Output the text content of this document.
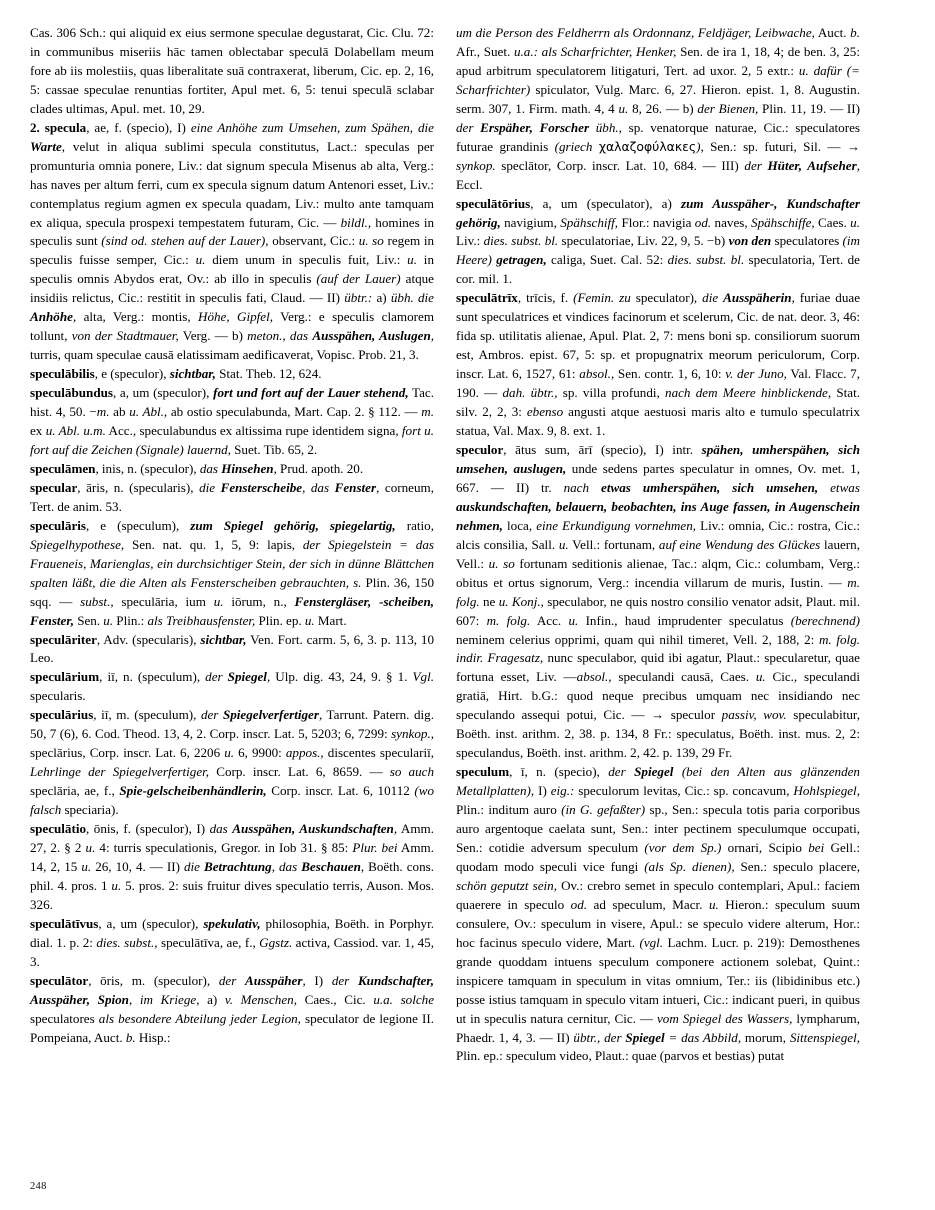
Cas. 306 Sch.: qui aliquid ex eius sermone speculae degustarat, Cic. Clu. 72: in communibus miseriis hāc tamen oblectabar speculā Dolabellam meum fore ab iis molestiis, quas liberalitate suā contraxerat, liberum, Cic. ep. 2, 16, 5: cassae speculae renuntias fortiter, Apul met. 6, 5: tenui speculā sclabar clades ultimas, Apul. met. 10, 29.

2. specula, ae, f. (specio), I) eine Anhöhe zum Umsehen, zum Spähen, die Warte, velut in aliqua sublimi specula constitutus, Lact.: speculas per promunturia omnia ponere, Liv.: dat signum specula Misenus ab alta, Verg.: has naves per altum ferri, cum ex specula signum datum Antenori esset, Liv.: contemplatus regium agmen ex specula quadam, Liv.: multo ante tamquam ex aliqua, specula prospexi tempestatem futuram, Cic. — bildl., homines in speculis sunt (sind od. stehen auf der Lauer), observant, Cic.: u. so regem in speculis fuisse semper, Cic.: u. diem unum in speculis fuit, Liv.: u. in speculis omnis Abydos erat, Ov.: ab illo in speculis (auf der Lauer) atque insidiis relictus, Cic.: restitit in speculis fati, Claud. — II) übtr.: a) übh. die Anhöhe, alta, Verg.: montis, Höhe, Gipfel, Verg.: e speculis clamorem tollunt, von der Stadtmauer, Verg. — b) meton., das Ausspähen, Auslugen, turris, quam speculae causā elatissimam aedificaverat, Vopisc. Prob. 21, 3.

speculābilis, e (speculor), sichtbar, Stat. Theb. 12, 624.

speculābundus, a, um (speculor), fort und fort auf der Lauer stehend, Tac. hist. 4, 50. −m. ab u. Abl., ab ostio speculabunda, Mart. Cap. 2. § 112. — m. ex u. Abl. u.m. Acc., speculabundus ex altissima rupe identidem signa, fort u. fort auf die Zeichen (Signale) lauernd, Suet. Tib. 65, 2.

speculāmen, inis, n. (speculor), das Hinsehen, Prud. apoth. 20.

specular, āris, n. (specularis), die Fensterscheibe, das Fenster, corneum, Tert. de anim. 53.

speculāris, e (speculum), zum Spiegel gehörig, spiegelartig, ratio, Spiegelhypothese, Sen. nat. qu. 1, 5, 9: lapis, der Spiegelstein = das Fraueneis, Marienglas, ein durchsichtiger Stein, der sich in dünne Blättchen spalten läßt, die die Alten als Fensterscheiben gebrauchten, s. Plin. 36, 150 sqq. — subst., speculāria, ium u. iōrum, n., Fenstergläser, -scheiben, Fenster, Sen. u. Plin.: als Treibhausfenster, Plin. ep. u. Mart.

speculāriter, Adv. (specularis), sichtbar, Ven. Fort. carm. 5, 6, 3. p. 113, 10 Leo.

speculārium, iī, n. (speculum), der Spiegel, Ulp. dig. 43, 24, 9. § 1. Vgl. specularis.

speculārius, iī, m. (speculum), der Spiegelverfertiger, Tarrunt. Patern. dig. 50, 7 (6), 6. Cod. Theod. 13, 4, 2. Corp. inscr. Lat. 5, 5203; 6, 7299: synkop., speclārius, Corp. inscr. Lat. 6, 2206 u. 6, 9900: appos., discentes speculariī, Lehrlinge der Spiegelverfertiger, Corp. inscr. Lat. 6, 8659. — so auch speclāria, ae, f., Spie-gelscheibenhändlerin, Corp. inscr. Lat. 6, 10112 (wo falsch speciaria).

speculātio, ōnis, f. (speculor), I) das Ausspähen, Auskundschaften, Amm. 27, 2. § 2 u. 4: turris speculationis, Gregor. in Iob 31. § 85: Plur. bei Amm. 14, 2, 15 u. 26, 10, 4. — II) die Betrachtung, das Beschauen, Boëth. cons. phil. 4. pros. 1 u. 5. pros. 2: suis fruitur dives speculatio terris, Auson. Mos. 326.

speculātīvus, a, um (speculor), spekulativ, philosophia, Boëth. in Porphyr. dial. 1. p. 2: dies. subst., speculātīva, ae, f., Ggstz. activa, Cassiod. var. 1, 45, 3.

speculātor, ōris, m. (speculor), der Ausspäher, I) der Kundschafter, Ausspäher, Spion, im Kriege, a) v. Menschen, Caes., Cic. u.a. solche speculatores als besondere Abteilung jeder Legion, speculator de legione II. Pompeiana, Auct. b. Hisp.:

um die Person des Feldherrn als Ordonnanz, Feldjäger, Leibwache, Auct. b. Afr., Suet. u.a.: als Scharfrichter, Henker, Sen. de ira 1, 18, 4; de ben. 3, 25: apud arbitrum speculatorem litigaturi, Tert. ad uxor. 2, 5 extr.: u. dafür (= Scharfrichter) spiculator, Vulg. Marc. 6, 27. Hieron. epist. 1, 8. Augustin. serm. 307, 1. Firm. math. 4, 4 u. 8, 26. — b) der Bienen, Plin. 11, 19. — II) der Erspäher, Forscher übh., sp. venatorque naturae, Cic.: speculatores futurae grandinis (griech χαλαζοφύλακες), Sen.: sp. futuri, Sil. — → synkop. speclātor, Corp. inscr. Lat. 10, 684. — III) der Hüter, Aufseher, Eccl.

speculātōrius, a, um (speculator), a) zum Ausspäher-, Kundschafter gehörig, navigium, Spähschiff, Flor.: navigia od. naves, Spähschiffe, Caes. u. Liv.: dies. subst. bl. speculatoriae, Liv. 22, 9, 5. −b) von den speculatores (im Heere) getragen, caliga, Suet. Cal. 52: dies. subst. bl. speculatoria, Tert. de cor. mil. 1.

speculātrīx, trīcis, f. (Femin. zu speculator), die Ausspäherin, furiae duae sunt speculatrices et vindices facinorum et scelerum, Cic. de nat. deor. 3, 46: fida sp. utilitatis alienae, Apul. Plat. 2, 7: mens boni sp. consiliorum suorum est, Ambros. epist. 67, 5: sp. et propugnatrix meorum periculorum, Corp. inscr. Lat. 6, 1527, 61: absol., Sen. contr. 1, 6, 10: v. der Juno, Val. Flacc. 7, 190. — dah. übtr., sp. villa profundi, nach dem Meere hinblickende, Stat. silv. 2, 2, 3: ebenso angusti atque aestuosi maris alto e tumulo speculatrix statua, Val. Max. 9, 8. ext. 1.

speculor, ātus sum, ārī (specio), I) intr. spähen, umherspähen, sich umsehen, auslugen, unde sedens partes speculatur in omnes, Ov. met. 1, 667. — II) tr. nach etwas umherspähen, sich umsehen, etwas auskundschaften, belauern, beobachten, ins Auge fassen, in Augenschein nehmen, loca, eine Erkundigung vornehmen, Liv.: omnia, Cic.: rostra, Cic.: alcis consilia, Sall. u. Vell.: fortunam, auf eine Wendung des Glückes lauern, Vell.: u. so fortunam seditionis alienae, Tac.: alqm, Cic.: columbam, Verg.: obitus et ortus signorum, Verg.: incendia villarum de muris, Iustin. — m. folg. ne u. Konj., speculabor, ne quis nostro consilio venator adsit, Plaut. mil. 607: m. folg. Acc. u. Infin., haud imprudenter speculatus (berechnend) neminem celerius opprimi, quam qui nihil timeret, Vell. 2, 188, 2: m. folg. indir. Fragesatz, nunc speculabor, quid ibi agatur, Plaut.: specularetur, quae fortuna esset, Liv. —absol., speculandi causā, Caes. u. Cic., speculandi gratiā, Hirt. b.G.: quod neque precibus umquam nec insidiando nec speculando assequi potui, Cic. — → speculor passiv, wov. speculabitur, Boëth. inst. arithm. 2, 38. p. 134, 8 Fr.: speculatus, Boëth. inst. mus. 2, 2: speculandus, Boëth. inst. arithm. 2, 42. p. 139, 29 Fr.

speculum, ī, n. (specio), der Spiegel (bei den Alten aus glänzenden Metallplatten), I) eig.: speculorum levitas, Cic.: sp. concavum, Hohlspiegel, Plin.: inditum auro (in G. gefaßter) sp., Sen.: specula totis paria corporibus auro argentoque caelata sunt, Sen.: inter pectinem speculumque occupati, Sen.: cotidie adversum speculum (vor dem Sp.) ornari, Scipio bei Gell.: quodam modo speculi vice fungi (als Sp. dienen), Sen.: speculo placere, schön geputzt sein, Ov.: crebro semet in speculo contemplari, Apul.: faciem quaerere in speculo od. ad speculum, Macr. u. Hieron.: speculum suum consulere, Ov.: speculum in visere, Apul.: se speculo videre alterum, Hor.: hoc facinus speculo videre, Mart. (vgl. Lachm. Lucr. p. 219): Demosthenes grande quoddam intuens speculum componere actionem solebat, Quint.: inspicere tamquam in speculum in vitas omnium, Ter.: iis (libidinibus etc.) posse istius tamquam in speculo vitam intueri, Cic.: indicant pueri, in quibus ut in speculis natura cernitur, Cic. — vom Spiegel des Wassers, lympharum, Phaedr. 1, 4, 3. — II) übtr., der Spiegel = das Abbild, morum, Sittenspiegel, Plin. ep.: speculum video, Plaut.: quae (parvos et bestias) putat

248
